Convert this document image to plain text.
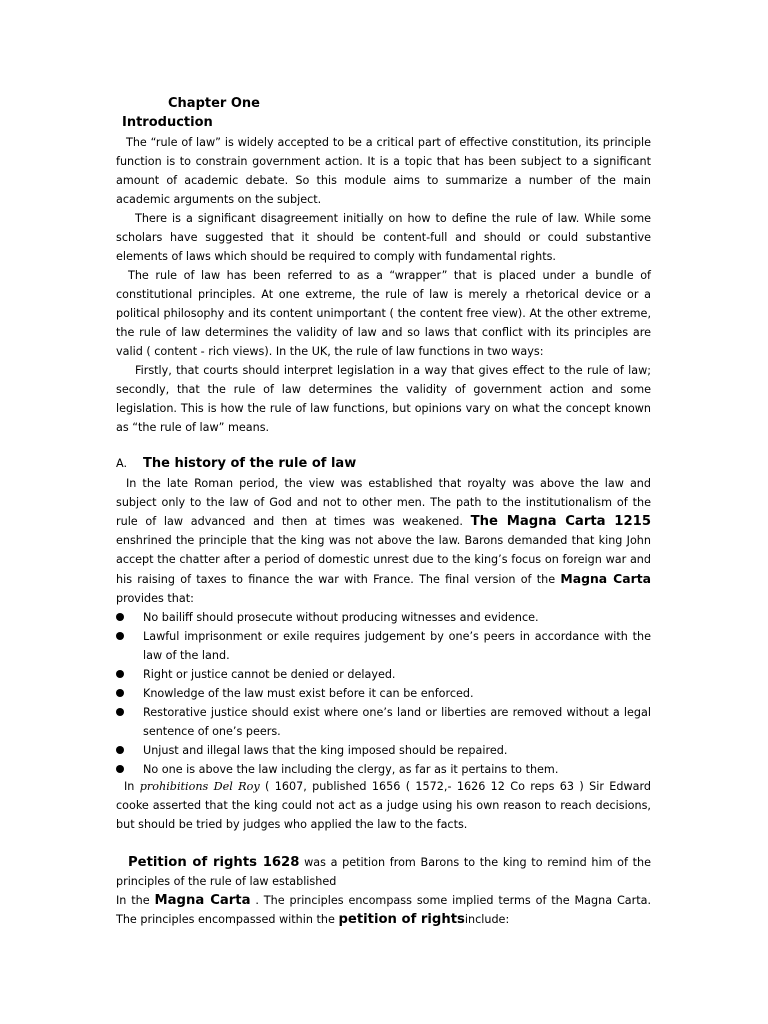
Chapter One

Introduction

The “rule of law” is widely accepted to be a critical part of effective constitution, its principle function is to constrain government action. It is a topic that has been subject to a significant amount of academic debate. So this module aims to summarize a number of the main academic arguments on the subject.

There is a significant disagreement initially on how to define the rule of law. While some scholars have suggested that it should be content-full and should or could substantive elements of laws which should be required to comply with fundamental rights.

The rule of law has been referred to as a “wrapper” that is placed under a bundle of constitutional principles. At one extreme, the rule of law is merely a rhetorical device or a political philosophy and its content unimportant ( the content free view). At the other extreme, the rule of law determines the validity of law and so laws that conflict with its principles are valid ( content - rich views). In the UK, the rule of law functions in two ways:

Firstly, that courts should interpret legislation in a way that gives effect to the rule of law; secondly, that the rule of law determines the validity of government action and some legislation. This is how the rule of law functions, but opinions vary on what the concept known as “the rule of law” means.

A. The history of the rule of law

In the late Roman period, the view was established that royalty was above the law and subject only to the law of God and not to other men. The path to the institutionalism of the rule of law advanced and then at times was weakened. The Magna Carta 1215 enshrined the principle that the king was not above the law. Barons demanded that king John accept the chatter after a period of domestic unrest due to the king’s focus on foreign war and his raising of taxes to finance the war with France. The final version of the Magna Carta provides that:

No bailiff should prosecute without producing witnesses and evidence.
Lawful imprisonment or exile requires judgement by one’s peers in accordance with the law of the land.
Right or justice cannot be denied or delayed.
Knowledge of the law must exist before it can be enforced.
Restorative justice should exist where one’s land or liberties are removed without a legal sentence of one’s peers.
Unjust and illegal laws that the king imposed should be repaired.
No one is above the law including the clergy, as far as it pertains to them.

In prohibitions Del Roy ( 1607, published 1656 ( 1572,- 1626 12 Co reps 63 ) Sir Edward cooke asserted that the king could not act as a judge using his own reason to reach decisions, but should be tried by judges who applied the law to the facts.

Petition of rights 1628 was a petition from Barons to the king to remind him of the principles of the rule of law established

In the Magna Carta . The principles encompass some implied terms of the Magna Carta. The principles encompassed within the petition of rightsinclude:
